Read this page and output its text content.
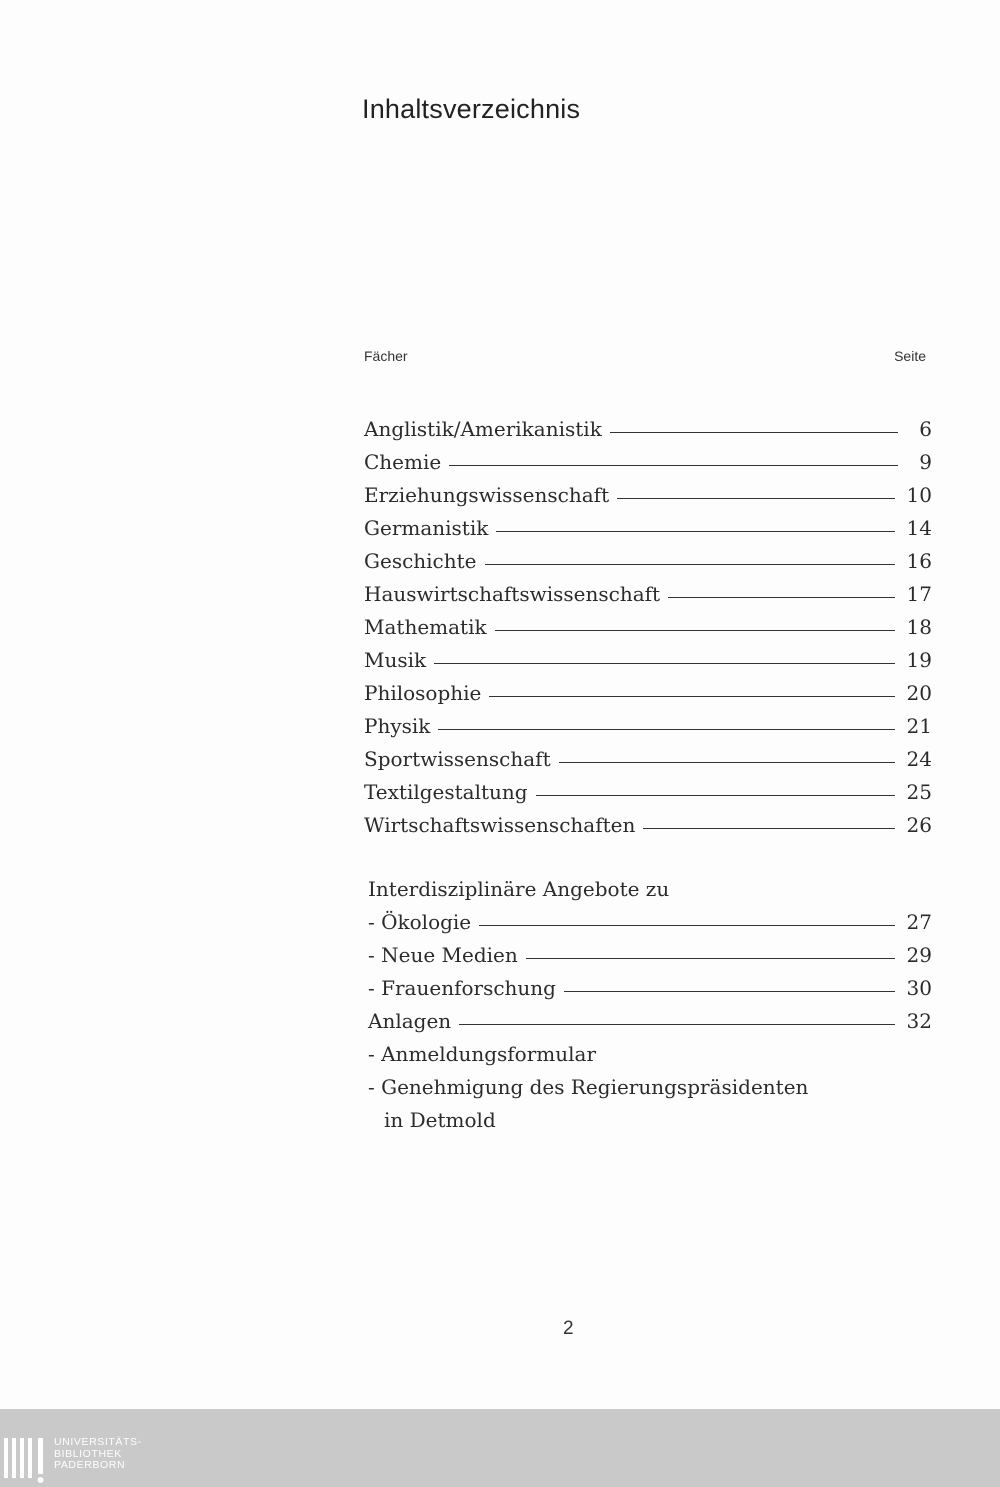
Inhaltsverzeichnis
Fächer	Seite
Anglistik/Amerikanistik	6
Chemie	9
Erziehungswissenschaft	10
Germanistik	14
Geschichte	16
Hauswirtschaftswissenschaft	17
Mathematik	18
Musik	19
Philosophie	20
Physik	21
Sportwissenschaft	24
Textilgestaltung	25
Wirtschaftswissenschaften	26
Interdisziplinäre Angebote zu
- Ökologie	27
- Neue Medien	29
- Frauenforschung	30
Anlagen	32
- Anmeldungsformular
- Genehmigung des Regierungspräsidenten
in Detmold
2
UNIVERSITÄTS-
BIBLIOTHEK
PADERBORN
